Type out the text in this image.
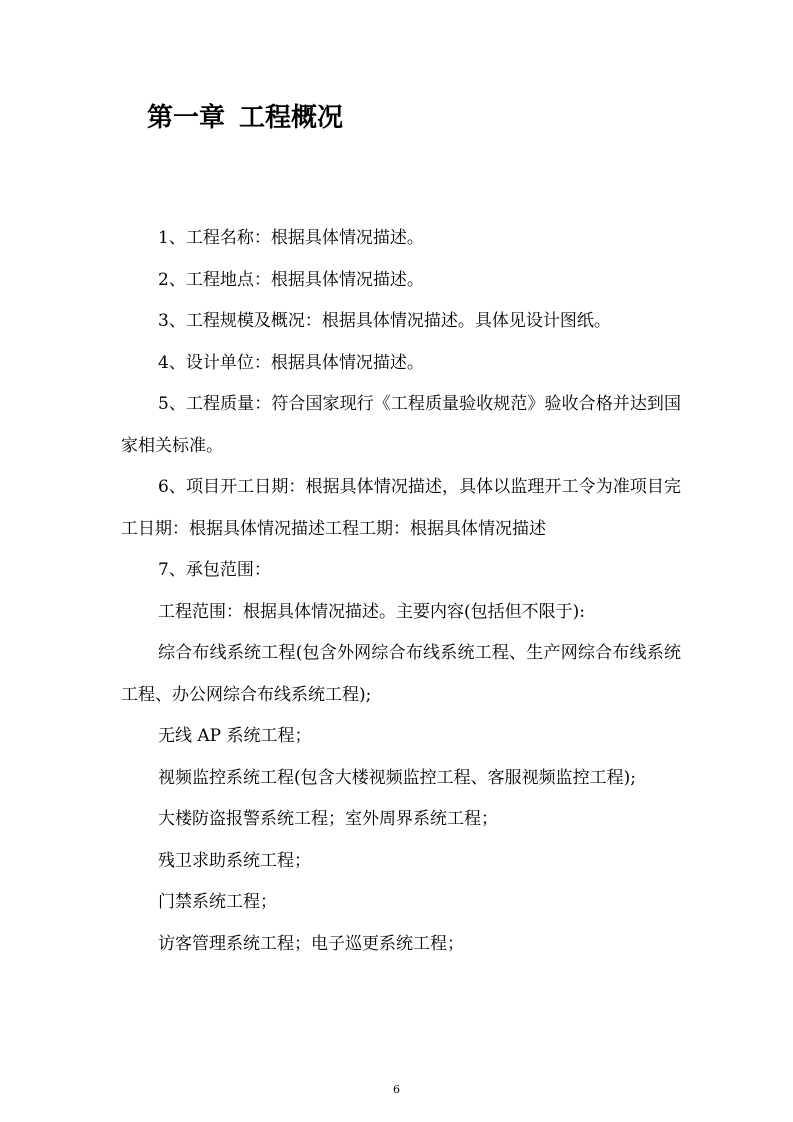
第一章 工程概况

1、工程名称：根据具体情况描述。

2、工程地点：根据具体情况描述。

3、工程规模及概况：根据具体情况描述。具体见设计图纸。

4、设计单位：根据具体情况描述。

5、工程质量：符合国家现行《工程质量验收规范》验收合格并达到国家相关标准。

6、项目开工日期：根据具体情况描述，具体以监理开工令为准项目完工日期：根据具体情况描述工程工期：根据具体情况描述

7、承包范围：

工程范围：根据具体情况描述。主要内容(包括但不限于):

综合布线系统工程(包含外网综合布线系统工程、生产网综合布线系统工程、办公网综合布线系统工程);

无线 AP 系统工程；

视频监控系统工程(包含大楼视频监控工程、客服视频监控工程);

大楼防盗报警系统工程；室外周界系统工程；

残卫求助系统工程；

门禁系统工程；

访客管理系统工程；电子巡更系统工程；

6
